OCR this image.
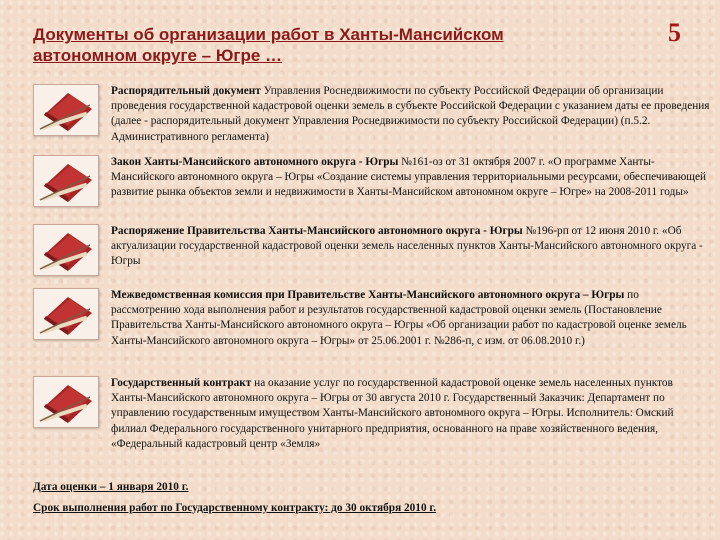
Документы об организации работ в Ханты-Мансийском
автономном округе – Югре …
5
Распорядительный документ Управления Роснедвижимости по субъекту Российской Федерации об организации проведения государственной кадастровой оценки земель в субъекте Российской Федерации с указанием даты ее проведения (далее - распорядительный документ Управления Роснедвижимости по субъекту Российской Федерации) (п.5.2. Административного регламента)
Закон Ханты-Мансийского автономного округа - Югры №161-оз от 31 октября 2007 г. «О программе Ханты-Мансийского автономного округа – Югры «Создание системы управления территориальными ресурсами, обеспечивающей развитие рынка объектов земли и недвижимости в Ханты-Мансийском автономном округе – Югре» на 2008-2011 годы»
Распоряжение Правительства Ханты-Мансийского автономного округа - Югры №196-рп от 12 июня 2010 г. «Об актуализации государственной кадастровой оценки земель населенных пунктов Ханты-Мансийского автономного округа - Югры
Межведомственная комиссия при Правительстве Ханты-Мансийского автономного округа – Югры по рассмотрению хода выполнения работ и результатов государственной кадастровой оценки земель (Постановление Правительства Ханты-Мансийского автономного округа – Югры «Об организации работ по кадастровой оценке земель Ханты-Мансийского автономного округа – Югры» от 25.06.2001 г. №286-п, с изм. от 06.08.2010 г.)
Государственный контракт на оказание услуг по государственной кадастровой оценке земель населенных пунктов Ханты-Мансийского автономного округа – Югры от 30 августа 2010 г. Государственный Заказчик: Департамент по управлению государственным имуществом Ханты-Мансийского автономного округа – Югры. Исполнитель: Омский филиал Федерального государственного унитарного предприятия, основанного на праве хозяйственного ведения, «Федеральный кадастровый центр «Земля»
Дата оценки – 1 января 2010 г.
Срок выполнения работ по Государственному контракту: до 30 октября 2010 г.
